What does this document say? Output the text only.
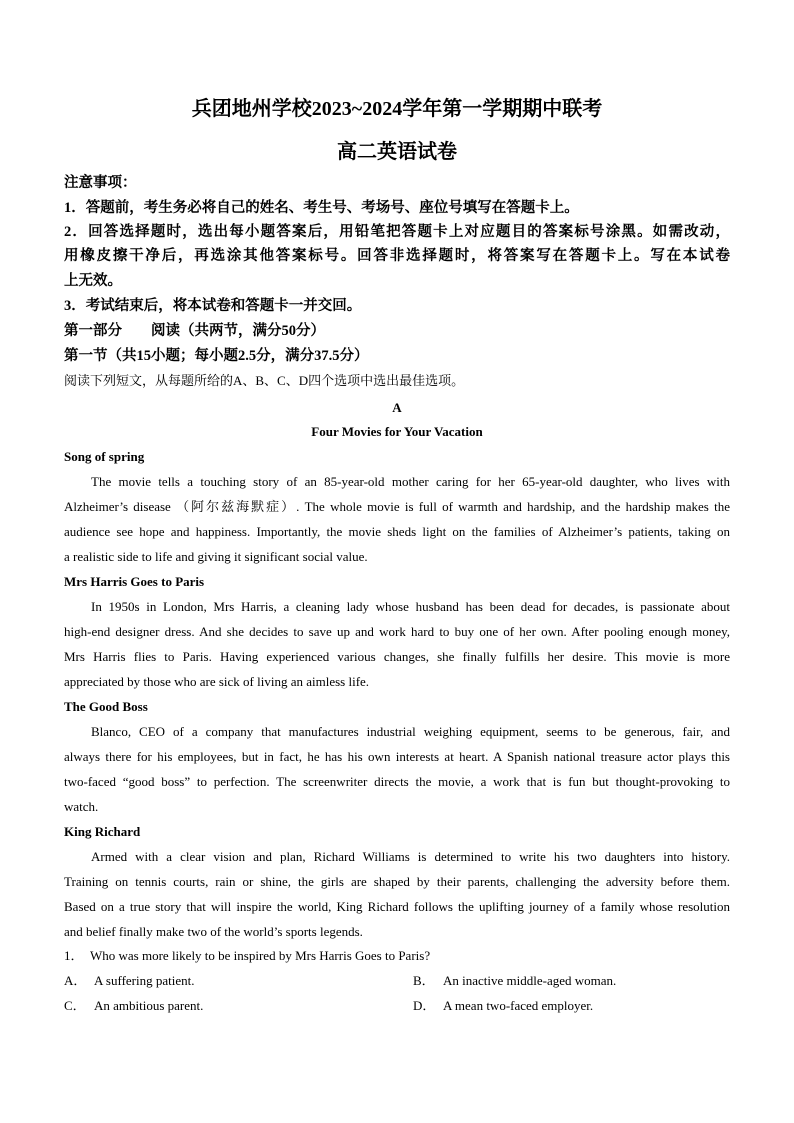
兵团地州学校2023~2024学年第一学期期中联考
高二英语试卷
注意事项：
1．答题前，考生务必将自己的姓名、考生号、考场号、座位号填写在答题卡上。
2．回答选择题时，选出每小题答案后，用铅笔把答题卡上对应题目的答案标号涂黑。如需改动，
用橡皮擦干净后，再选涂其他答案标号。回答非选择题时，将答案写在答题卡上。写在本试卷
上无效。
3．考试结束后，将本试卷和答题卡一并交回。
第一部分　　阅读（共两节，满分50分）
第一节（共15小题；每小题2.5分，满分37.5分）
阅读下列短文，从每题所给的A、B、C、D四个选项中选出最佳选项。
A
Four Movies for Your Vacation
Song of spring
The movie tells a touching story of an 85-year-old mother caring for her 65-year-old daughter, who lives with
Alzheimer’s disease （阿尔兹海默症）. The whole movie is full of warmth and hardship, and the hardship makes the
audience see hope and happiness. Importantly, the movie sheds light on the families of Alzheimer’s patients, taking on
a realistic side to life and giving it significant social value.
Mrs Harris Goes to Paris
In 1950s in London, Mrs Harris, a cleaning lady whose husband has been dead for decades, is passionate about
high-end designer dress. And she decides to save up and work hard to buy one of her own. After pooling enough money,
Mrs Harris flies to Paris. Having experienced various changes, she finally fulfills her desire. This movie is more
appreciated by those who are sick of living an aimless life.
The Good Boss
Blanco, CEO of a company that manufactures industrial weighing equipment, seems to be generous, fair, and
always there for his employees, but in fact, he has his own interests at heart. A Spanish national treasure actor plays this
two-faced “good boss” to perfection. The screenwriter directs the movie, a work that is fun but thought-provoking to
watch.
King Richard
Armed with a clear vision and plan, Richard Williams is determined to write his two daughters into history.
Training on tennis courts, rain or shine, the girls are shaped by their parents, challenging the adversity before them.
Based on a true story that will inspire the world, King Richard follows the uplifting journey of a family whose resolution
and belief finally make two of the world’s sports legends.
1．　Who was more likely to be inspired by Mrs Harris Goes to Paris?
A． A suffering patient.	B． An inactive middle-aged woman.
C． An ambitious parent.	D． A mean two-faced employer.
